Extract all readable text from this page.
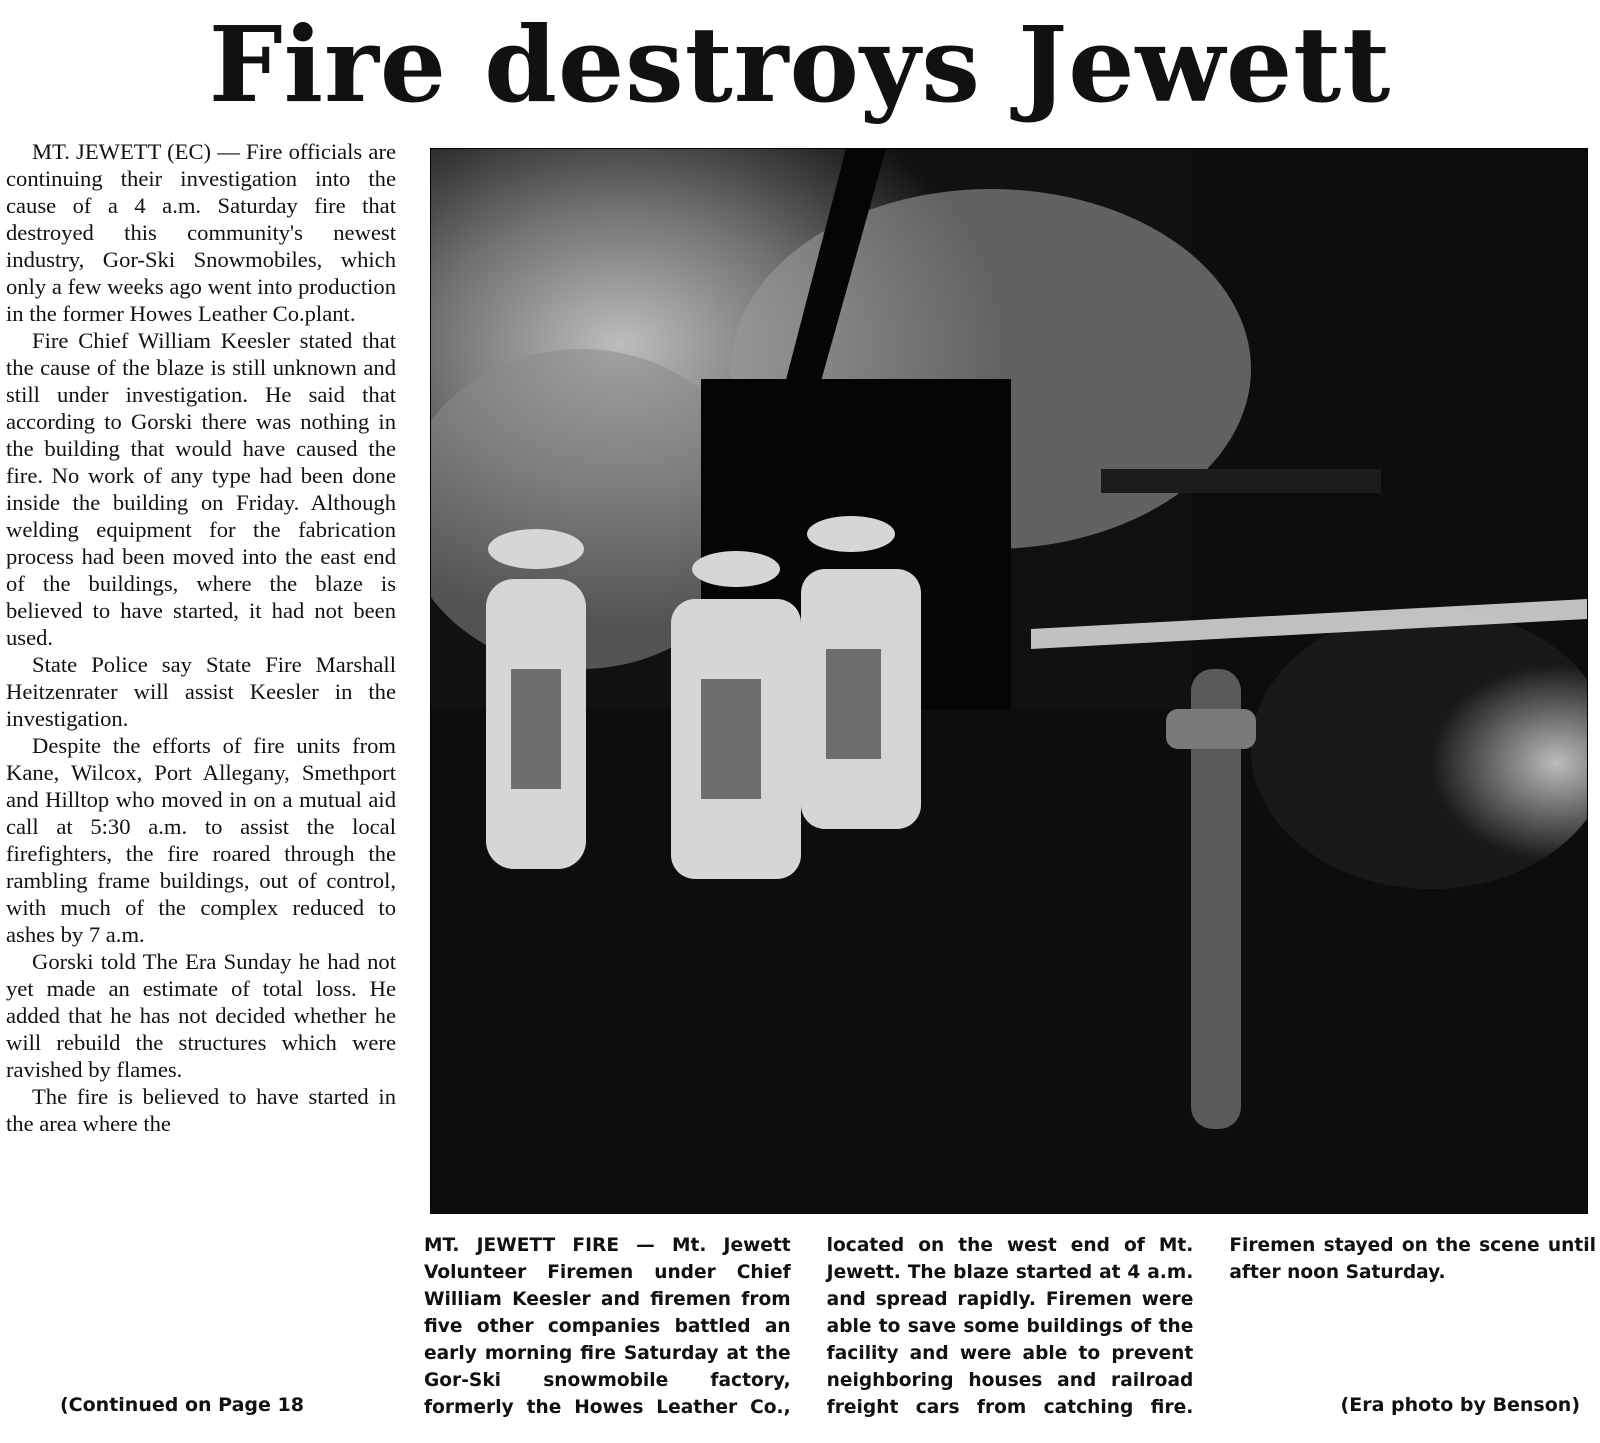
Fire destroys Jewett

MT. JEWETT (EC) — Fire officials are continuing their investigation into the cause of a 4 a.m. Saturday fire that destroyed this community's newest industry, Gor-Ski Snowmobiles, which only a few weeks ago went into production in the former Howes Leather Co.plant.

Fire Chief William Keesler stated that the cause of the blaze is still unknown and still under investigation. He said that according to Gorski there was nothing in the building that would have caused the fire. No work of any type had been done inside the building on Friday. Although welding equipment for the fabrication process had been moved into the east end of the buildings, where the blaze is believed to have started, it had not been used.

State Police say State Fire Marshall Heitzenrater will assist Keesler in the investigation.

Despite the efforts of fire units from Kane, Wilcox, Port Allegany, Smethport and Hilltop who moved in on a mutual aid call at 5:30 a.m. to assist the local firefighters, the fire roared through the rambling frame buildings, out of control, with much of the complex reduced to ashes by 7 a.m.

Gorski told The Era Sunday he had not yet made an estimate of total loss. He added that he has not decided whether he will rebuild the structures which were ravished by flames.

The fire is believed to have started in the area where the

(Continued on Page 18

MT. JEWETT FIRE — Mt. Jewett Volunteer Firemen under Chief William Keesler and firemen from five other companies battled an early morning fire Saturday at the Gor-Ski snowmobile factory, formerly the Howes Leather Co., located on the west end of Mt. Jewett. The blaze started at 4 a.m. and spread rapidly. Firemen were able to save some buildings of the facility and were able to prevent neighboring houses and railroad freight cars from catching fire. Firemen stayed on the scene until after noon Saturday.

(Era photo by Benson)
